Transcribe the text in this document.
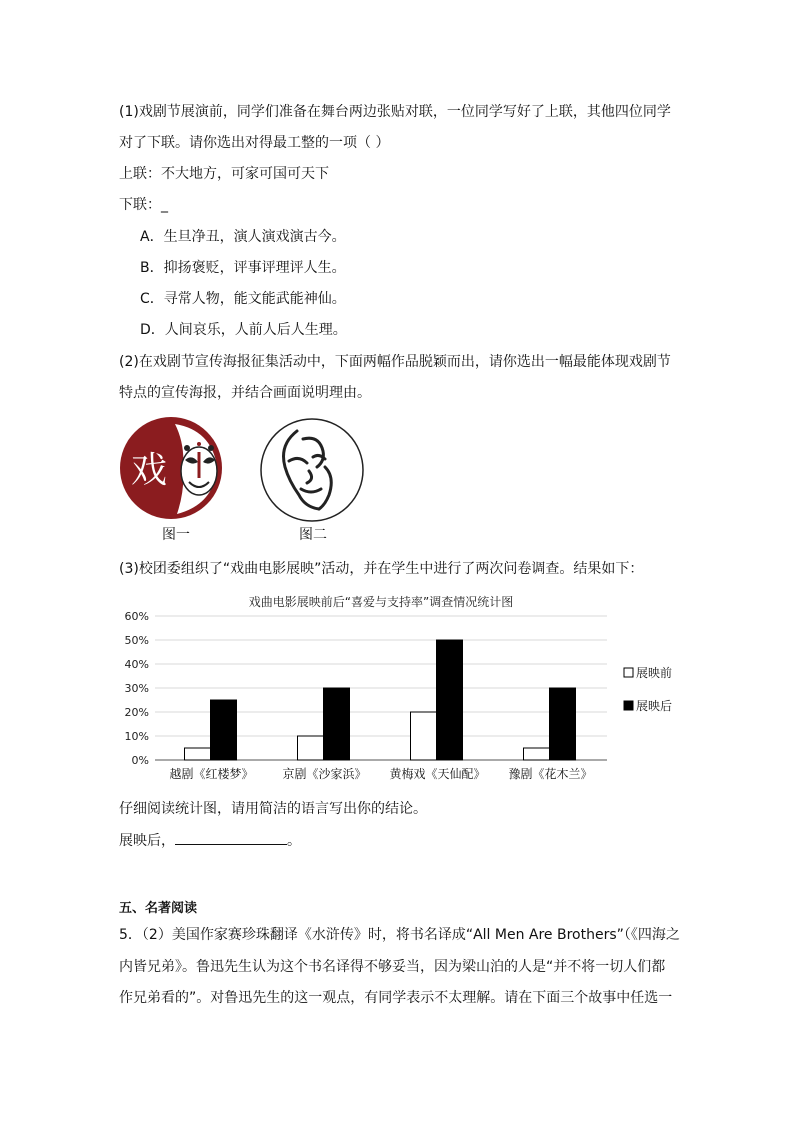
(1)戏剧节展演前，同学们准备在舞台两边张贴对联，一位同学写好了上联，其他四位同学
对了下联。请你选出对得最工整的一项（ ）
上联：不大地方，可家可国可天下
下联：_
A．生旦净丑，演人演戏演古今。
B．抑扬褒贬，评事评理评人生。
C．寻常人物，能文能武能神仙。
D．人间哀乐，人前人后人生理。
(2)在戏剧节宣传海报征集活动中，下面两幅作品脱颖而出，请你选出一幅最能体现戏剧节
特点的宣传海报，并结合画面说明理由。
戏
图一	图二
(3)校团委组织了“戏曲电影展映”活动，并在学生中进行了两次问卷调查。结果如下：
戏曲电影展映前后“喜爱与支持率”调查情况统计图
0%
10%
20%
30%
40%
50%
60%
越剧《红楼梦》 京剧《沙家浜》 黄梅戏《天仙配》 豫剧《花木兰》
展映前
展映后
仔细阅读统计图，请用简洁的语言写出你的结论。
展映后，	。
五、名著阅读
5．（2）美国作家赛珍珠翻译《水浒传》时，将书名译成“All Men Are Brothers”（《四海之
内皆兄弟》。鲁迅先生认为这个书名译得不够妥当，因为梁山泊的人是“并不将一切人们都
作兄弟看的”。对鲁迅先生的这一观点，有同学表示不太理解。请在下面三个故事中任选一
